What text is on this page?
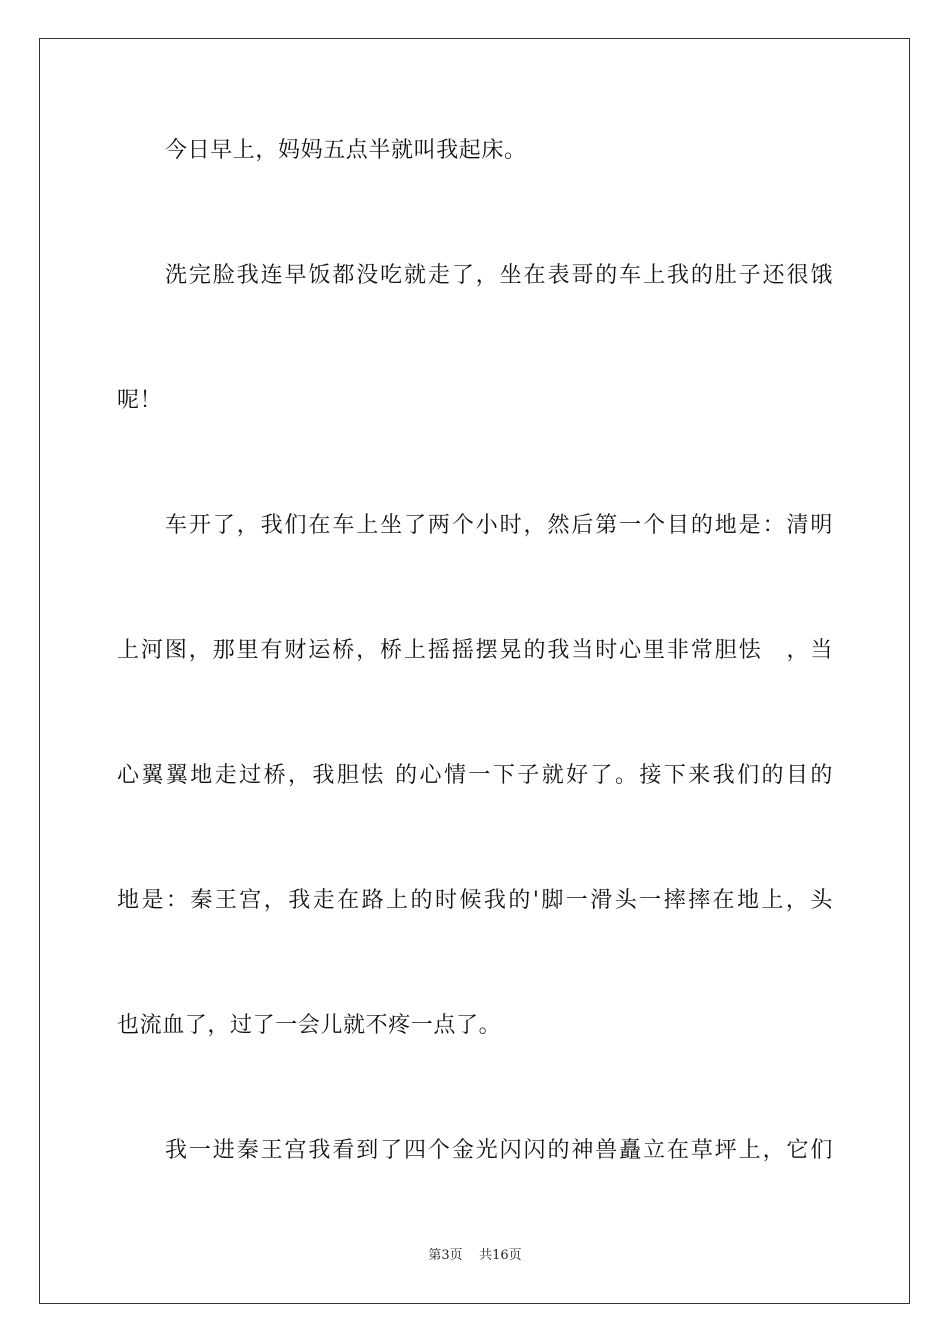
今日早上，妈妈五点半就叫我起床。
洗完脸我连早饭都没吃就走了，坐在表哥的车上我的肚子还很饿
呢！
车开了，我们在车上坐了两个小时，然后第一个目的地是：清明
上河图，那里有财运桥，桥上摇摇摆晃的我当时心里非常胆怯　，当
心翼翼地走过桥，我胆怯 的心情一下子就好了。接下来我们的目的
地是：秦王宫，我走在路上的时候我的'脚一滑头一摔摔在地上，头
也流血了，过了一会儿就不疼一点了。
我一进秦王宫我看到了四个金光闪闪的神兽矗立在草坪上，它们
第3页 共16页
